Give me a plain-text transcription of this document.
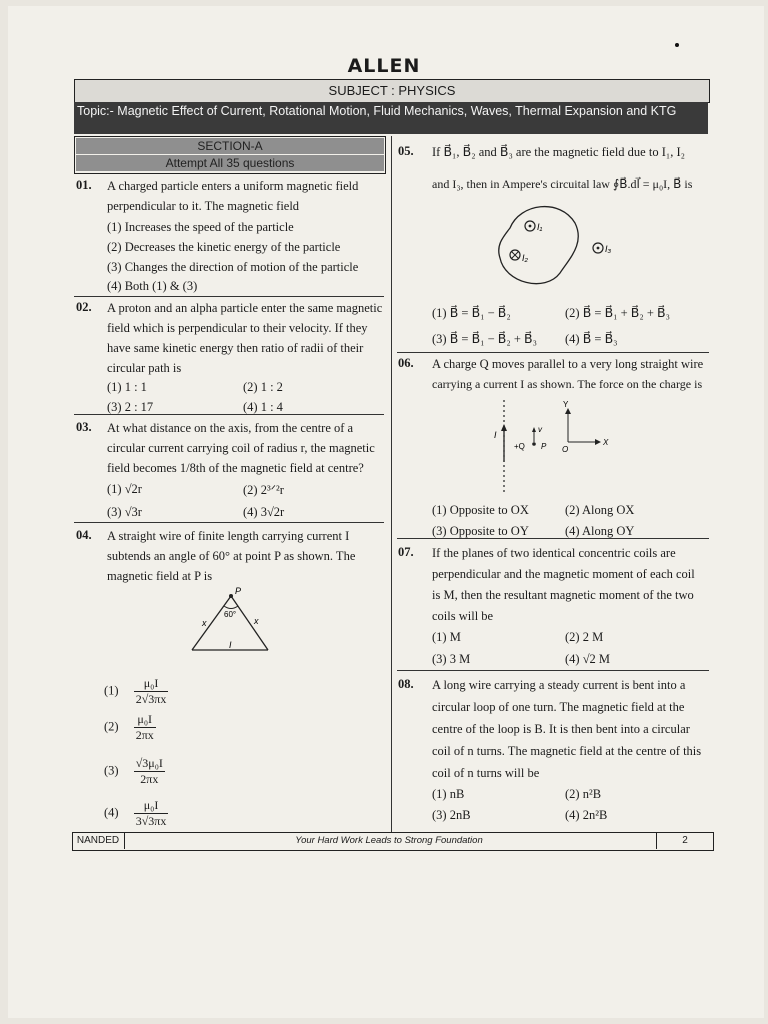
ALLEN
SUBJECT : PHYSICS
Topic:- Magnetic Effect of Current, Rotational Motion, Fluid Mechanics, Waves, Thermal Expansion and KTG
SECTION-A
Attempt All 35 questions
01. A charged particle enters a uniform magnetic field
perpendicular to it. The magnetic field
(1) Increases the speed of the particle
(2) Decreases the kinetic energy of the particle
(3) Changes the direction of motion of the particle
(4) Both (1) & (3)
02. A proton and an alpha particle enter the same magnetic
field which is perpendicular to their velocity. If they
have same kinetic energy then ratio of radii of their
circular path is
(1) 1 : 1	(2) 1 : 2
(3) 2 : 17	(4) 1 : 4
03. At what distance on the axis, from the centre of a
circular current carrying coil of radius r, the magnetic
field becomes 1/8th of the magnetic field at centre?
(1) √2r	(2) 2³ᐟ²r
(3) √3r	(4) 3√2r
04. A straight wire of finite length carrying current I
subtends an angle of 60° at point P as shown. The
magnetic field at P is
P
60°
x	x
I
$(1) \frac{\text{μ₀I}}{2√3\pi x}$
$(2) \frac{\text{μ₀I}}{2\pi x}$
$(3) \frac{\text{√3μ₀I}}{2\pi x}$
$(4) \frac{\text{μ₀I}}{3√3\pi x}$
05. If B⃗₁, B⃗₂ and B⃗₃ are the magnetic field due to I₁, I₂
and I₃, then in Ampere's circuital law ∮B⃗.dl⃗ = μ₀I, B⃗ is
I₁
I₂
I₃
(1) B⃗ = B⃗₁ − B⃗₂	(2) B⃗ = B⃗₁ + B⃗₂ + B⃗₃
(3) B⃗ = B⃗₁ − B⃗₂ + B⃗₃ (4) B⃗ = B⃗₃
06. A charge Q moves parallel to a very long straight wire
carrying a current I as shown. The force on the charge is
I
+Q
v
P
Y
O
X
(1) Opposite to OX	(2) Along OX
(3) Opposite to OY	(4) Along OY
07. If the planes of two identical concentric coils are
perpendicular and the magnetic moment of each coil
is M, then the resultant magnetic moment of the two
coils will be
(1) M	(2) 2 M
(3) 3 M	(4) √2 M
08. A long wire carrying a steady current is bent into a
circular loop of one turn. The magnetic field at the
centre of the loop is B. It is then bent into a circular
coil of n turns. The magnetic field at the centre of this
coil of n turns will be
(1) nB	(2) n²B
(3) 2nB	(4) 2n²B
NANDED	Your Hard Work Leads to Strong Foundation	2
